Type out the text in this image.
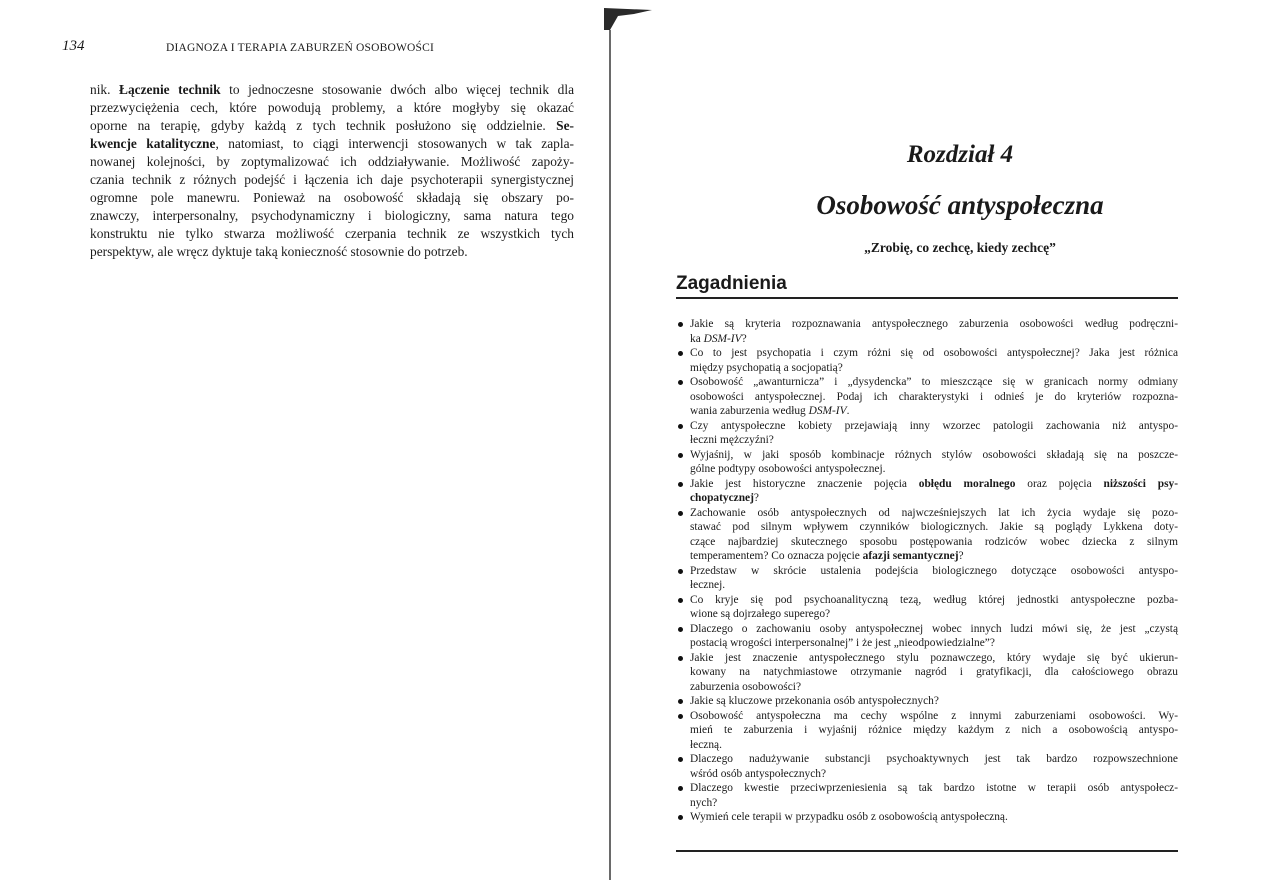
134	DIAGNOZA I TERAPIA ZABURZEŃ OSOBOWOŚCI
nik. Łączenie technik to jednoczesne stosowanie dwóch albo więcej technik dla
przezwyciężenia cech, które powodują problemy, a które mogłyby się okazać
oporne na terapię, gdyby każdą z tych technik posłużono się oddzielnie. Se-
kwencje katalityczne, natomiast, to ciągi interwencji stosowanych w tak zapla-
nowanej kolejności, by zoptymalizować ich oddziaływanie. Możliwość zapoży-
czania technik z różnych podejść i łączenia ich daje psychoterapii synergistycznej
ogromne pole manewru. Ponieważ na osobowość składają się obszary po-
znawczy, interpersonalny, psychodynamiczny i biologiczny, sama natura tego
konstruktu nie tylko stwarza możliwość czerpania technik ze wszystkich tych
perspektyw, ale wręcz dyktuje taką konieczność stosownie do potrzeb.
Rozdział 4
Osobowość antyspołeczna
„Zrobię, co zechcę, kiedy zechcę”
Zagadnienia
Jakie są kryteria rozpoznawania antyspołecznego zaburzenia osobowości według podręczni-
ka DSM-IV?
Co to jest psychopatia i czym różni się od osobowości antyspołecznej? Jaka jest różnica
między psychopatią a socjopatią?
Osobowość „awanturnicza” i „dysydencka” to mieszczące się w granicach normy odmiany
osobowości antyspołecznej. Podaj ich charakterystyki i odnieś je do kryteriów rozpozna-
wania zaburzenia według DSM-IV.
Czy antyspołeczne kobiety przejawiają inny wzorzec patologii zachowania niż antyspo-
łeczni mężczyźni?
Wyjaśnij, w jaki sposób kombinacje różnych stylów osobowości składają się na poszcze-
gólne podtypy osobowości antyspołecznej.
Jakie jest historyczne znaczenie pojęcia obłędu moralnego oraz pojęcia niższości psy-
chopatycznej?
Zachowanie osób antyspołecznych od najwcześniejszych lat ich życia wydaje się pozo-
stawać pod silnym wpływem czynników biologicznych. Jakie są poglądy Lykkena doty-
czące najbardziej skutecznego sposobu postępowania rodziców wobec dziecka z silnym
temperamentem? Co oznacza pojęcie afazji semantycznej?
Przedstaw w skrócie ustalenia podejścia biologicznego dotyczące osobowości antyspo-
łecznej.
Co kryje się pod psychoanalityczną tezą, według której jednostki antyspołeczne pozba-
wione są dojrzałego superego?
Dlaczego o zachowaniu osoby antyspołecznej wobec innych ludzi mówi się, że jest „czystą
postacią wrogości interpersonalnej” i że jest „nieodpowiedzialne”?
Jakie jest znaczenie antyspołecznego stylu poznawczego, który wydaje się być ukierun-
kowany na natychmiastowe otrzymanie nagród i gratyfikacji, dla całościowego obrazu
zaburzenia osobowości?
Jakie są kluczowe przekonania osób antyspołecznych?
Osobowość antyspołeczna ma cechy wspólne z innymi zaburzeniami osobowości. Wy-
mień te zaburzenia i wyjaśnij różnice między każdym z nich a osobowością antyspo-
łeczną.
Dlaczego nadużywanie substancji psychoaktywnych jest tak bardzo rozpowszechnione
wśród osób antyspołecznych?
Dlaczego kwestie przeciwprzeniesienia są tak bardzo istotne w terapii osób antyspołecz-
nych?
Wymień cele terapii w przypadku osób z osobowością antyspołeczną.
